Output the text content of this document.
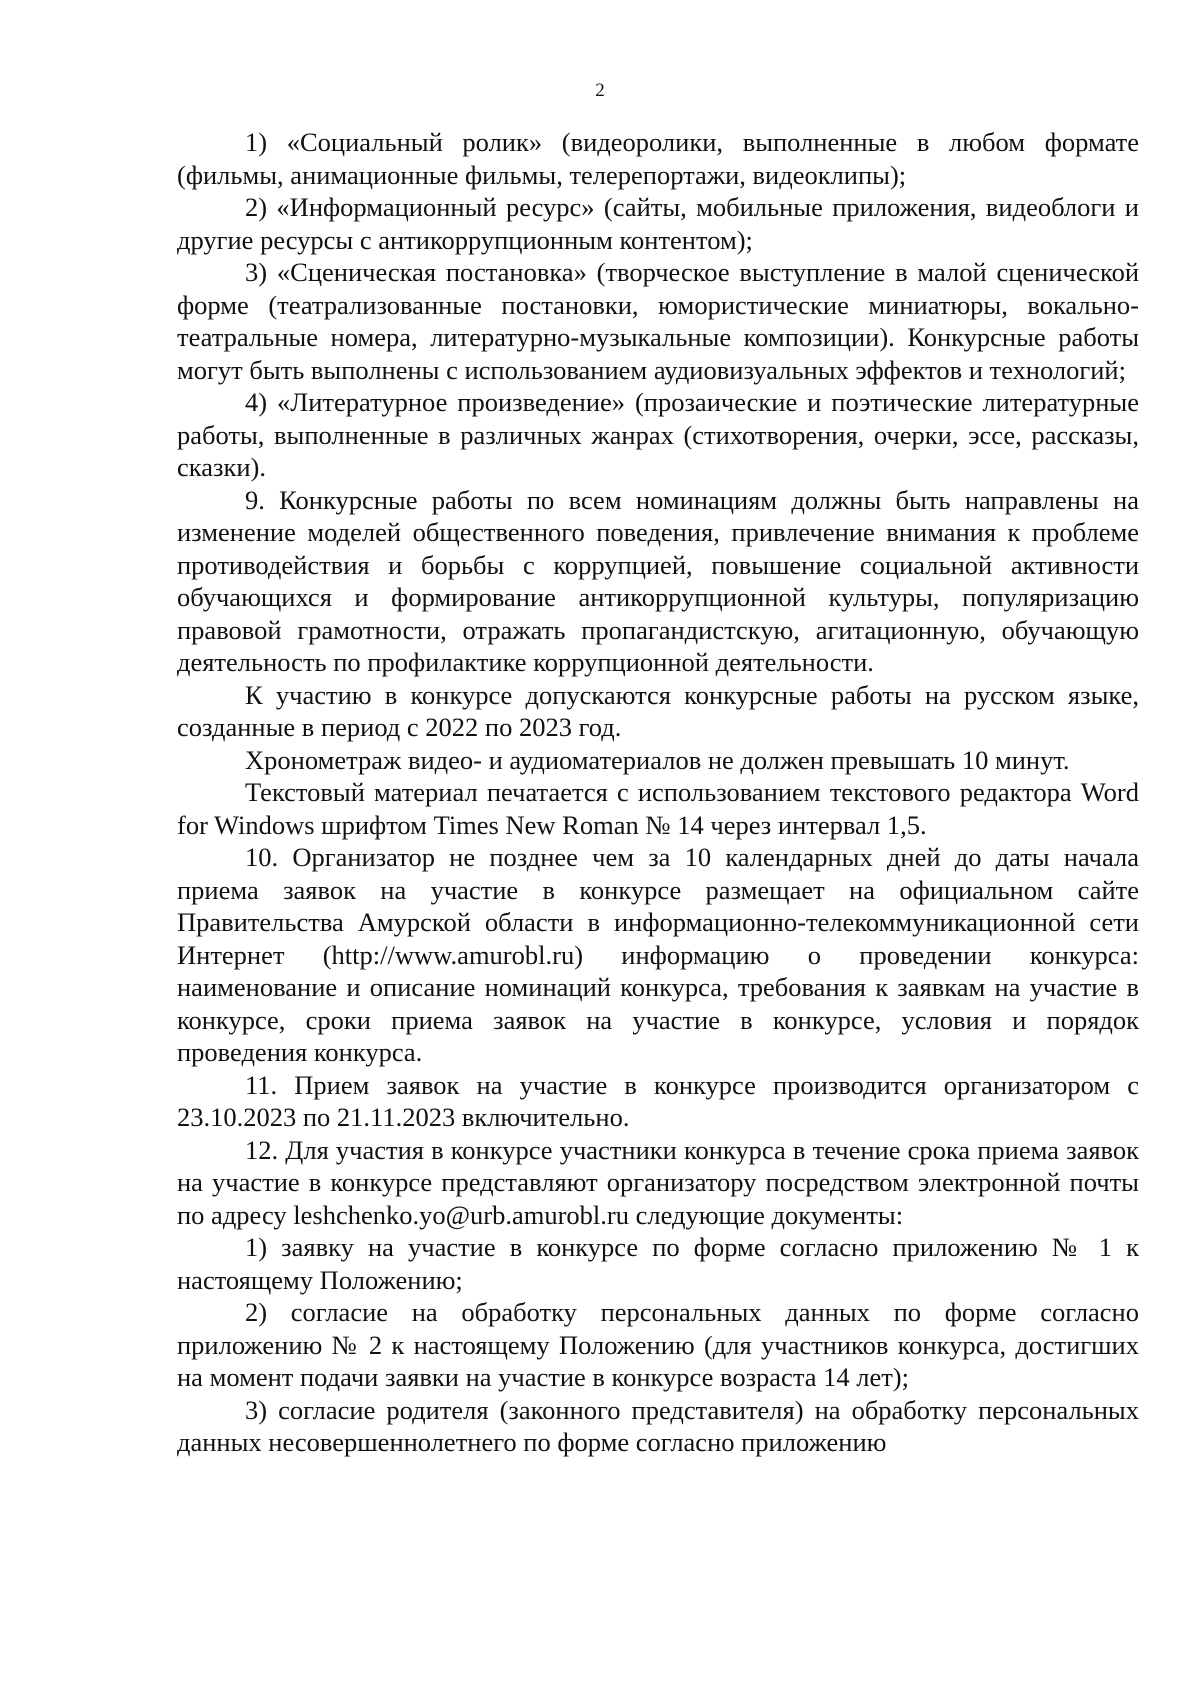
2

1) «Социальный ролик» (видеоролики, выполненные в любом формате (фильмы, анимационные фильмы, телерепортажи, видеоклипы);

2) «Информационный ресурс» (сайты, мобильные приложения, видеоблоги и другие ресурсы с антикоррупционным контентом);

3) «Сценическая постановка» (творческое выступление в малой сценической форме (театрализованные постановки, юмористические миниатюры, вокально-театральные номера, литературно-музыкальные композиции). Конкурсные работы могут быть выполнены с использованием аудиовизуальных эффектов и технологий;

4) «Литературное произведение» (прозаические и поэтические литературные работы, выполненные в различных жанрах (стихотворения, очерки, эссе, рассказы, сказки).

9. Конкурсные работы по всем номинациям должны быть направлены на изменение моделей общественного поведения, привлечение внимания к проблеме противодействия и борьбы с коррупцией, повышение социальной активности обучающихся и формирование антикоррупционной культуры, популяризацию правовой грамотности, отражать пропагандистскую, агитационную, обучающую деятельность по профилактике коррупционной деятельности.

К участию в конкурсе допускаются конкурсные работы на русском языке, созданные в период с 2022 по 2023 год.

Хронометраж видео- и аудиоматериалов не должен превышать 10 минут.

Текстовый материал печатается с использованием текстового редактора Word for Windows шрифтом Times New Roman № 14 через интервал 1,5.

10. Организатор не позднее чем за 10 календарных дней до даты начала приема заявок на участие в конкурсе размещает на официальном сайте Правительства Амурской области в информационно-телекоммуникационной сети Интернет (http://www.amurobl.ru) информацию о проведении конкурса: наименование и описание номинаций конкурса, требования к заявкам на участие в конкурсе, сроки приема заявок на участие в конкурсе, условия и порядок проведения конкурса.

11. Прием заявок на участие в конкурсе производится организатором с 23.10.2023 по 21.11.2023 включительно.

12. Для участия в конкурсе участники конкурса в течение срока приема заявок на участие в конкурсе представляют организатору посредством электронной почты по адресу leshchenko.yo@urb.amurobl.ru следующие документы:

1) заявку на участие в конкурсе по форме согласно приложению № 1 к настоящему Положению;

2) согласие на обработку персональных данных по форме согласно приложению № 2 к настоящему Положению (для участников конкурса, достигших на момент подачи заявки на участие в конкурсе возраста 14 лет);

3) согласие родителя (законного представителя) на обработку персональных данных несовершеннолетнего по форме согласно приложению
